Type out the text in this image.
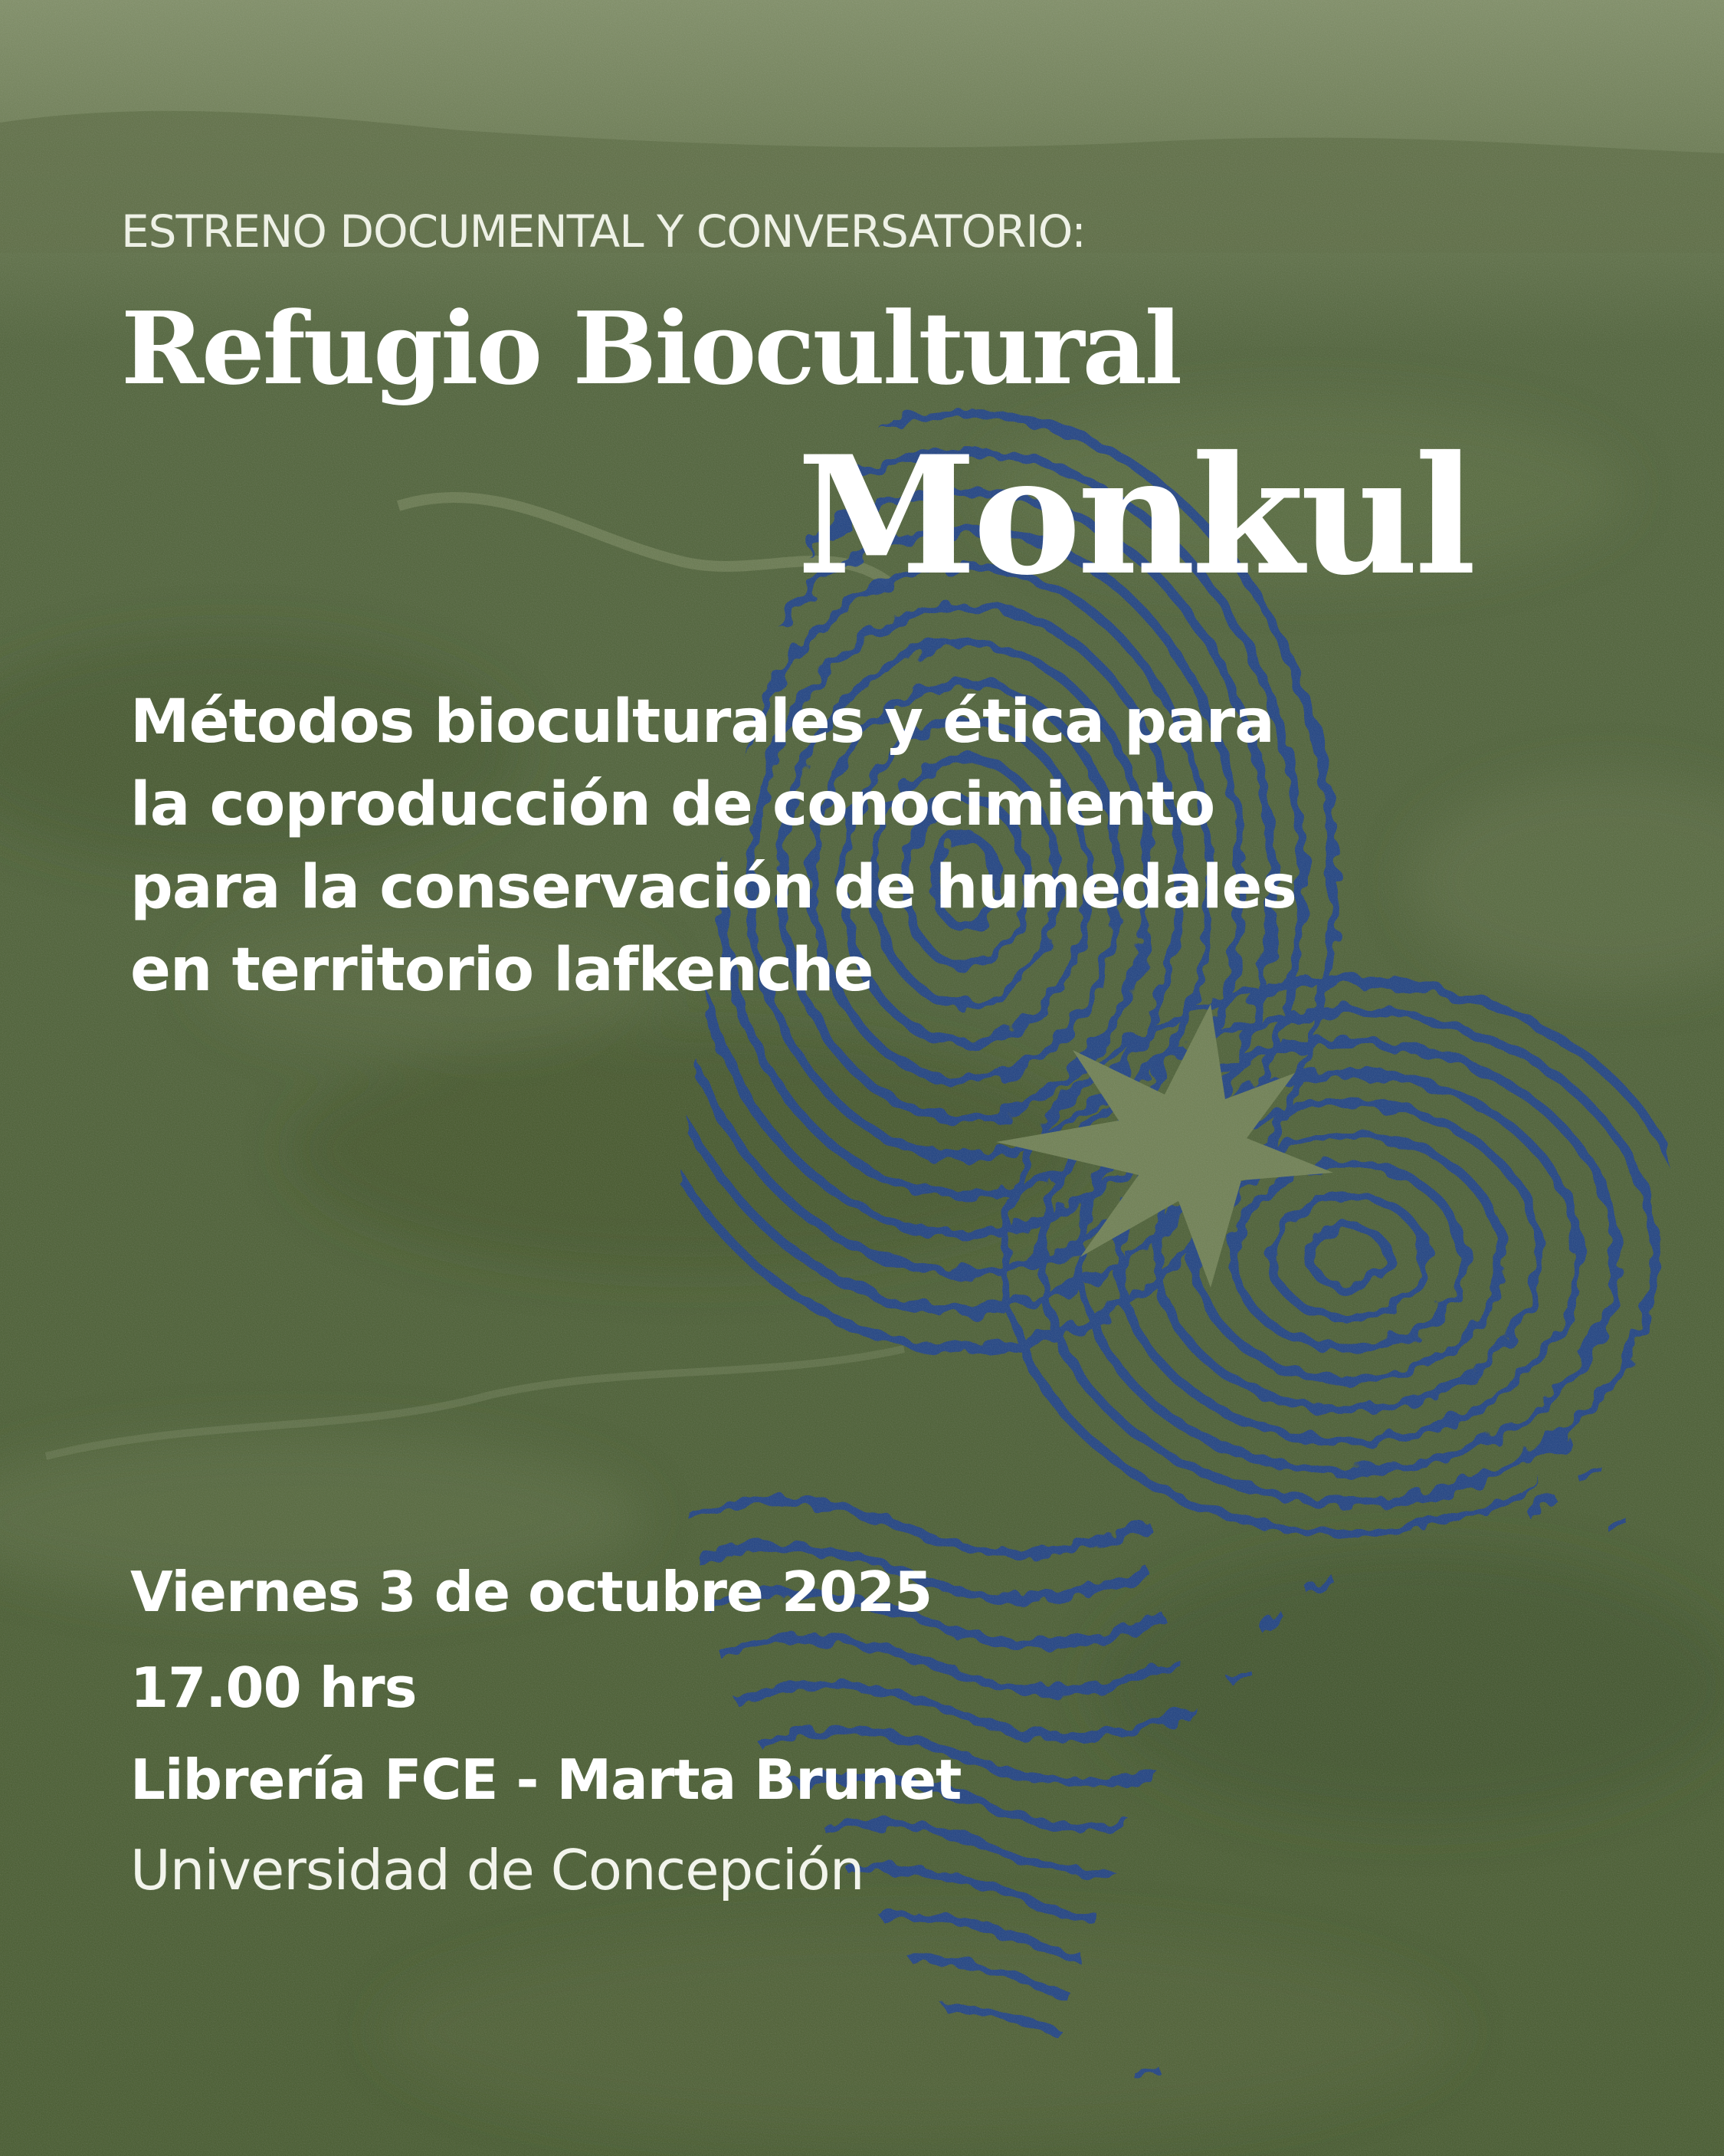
ESTRENO DOCUMENTAL Y CONVERSATORIO:
Refugio Biocultural
Monkul
Métodos bioculturales y ética para
la coproducción de conocimiento
para la conservación de humedales
en territorio lafkenche
Viernes 3 de octubre 2025
17.00 hrs
Librería FCE - Marta Brunet
Universidad de Concepción
